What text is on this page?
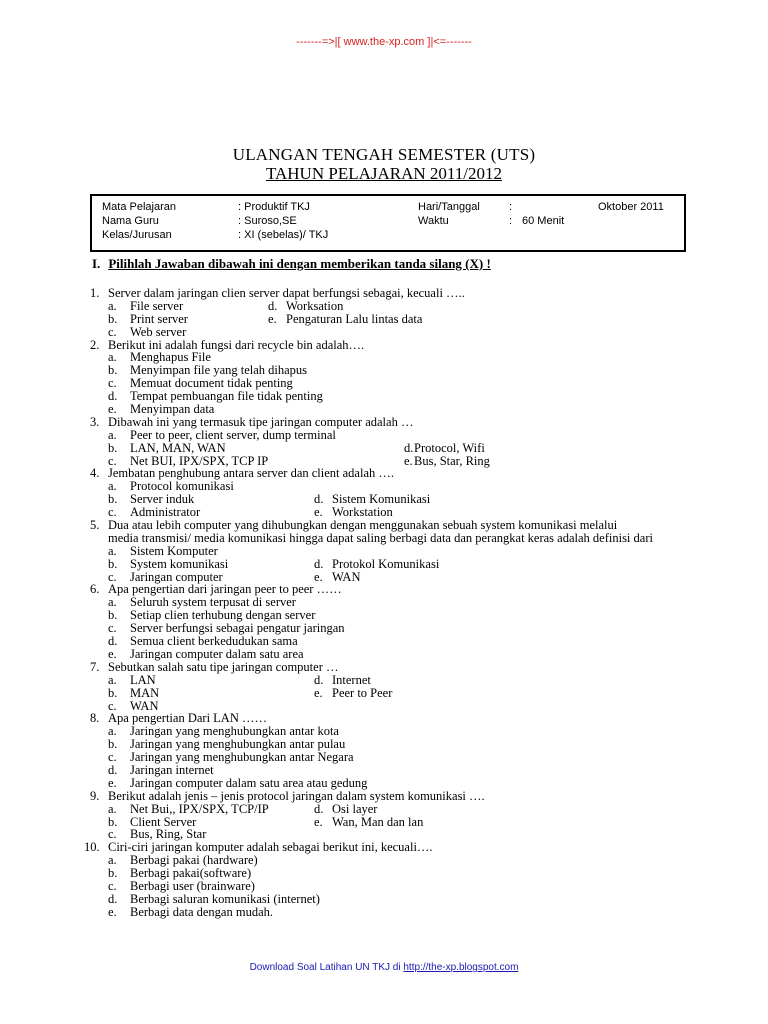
-------=>|[ www.the-xp.com ]|<=-------
ULANGAN TENGAH SEMESTER (UTS)
TAHUN PELAJARAN 2011/2012
Mata Pelajaran	: Produktif TKJ	Hari/Tanggal	:	Oktober 2011
Nama Guru	: Suroso,SE	Waktu	: 60 Menit
Kelas/Jurusan	: XI (sebelas)/ TKJ
I. Pilihlah Jawaban dibawah ini dengan memberikan tanda silang (X) !
1. Server dalam jaringan clien server dapat berfungsi sebagai, kecuali …..
a. File server	d. Worksation
b. Print server	e. Pengaturan Lalu lintas data
c. Web server
2. Berikut ini adalah fungsi dari recycle bin adalah….
a. Menghapus File
b. Menyimpan file yang telah dihapus
c. Memuat document tidak penting
d. Tempat pembuangan file tidak penting
e. Menyimpan data
3. Dibawah ini yang termasuk tipe jaringan computer adalah …
a. Peer to peer, client server, dump terminal
b. LAN, MAN, WAN	d. Protocol, Wifi
c. Net BUI, IPX/SPX, TCP IP	e. Bus, Star, Ring
4. Jembatan penghubung antara server dan client adalah ….
a. Protocol komunikasi
b. Server induk	d. Sistem Komunikasi
c. Administrator	e. Workstation
5. Dua atau lebih computer yang dihubungkan dengan menggunakan sebuah system komunikasi melalui
media transmisi/ media komunikasi hingga dapat saling berbagi data dan perangkat keras adalah definisi dari
a. Sistem Komputer
b. System komunikasi	d. Protokol Komunikasi
c. Jaringan computer	e. WAN
6. Apa pengertian dari jaringan peer to peer ……
a. Seluruh system terpusat di server
b. Setiap clien terhubung dengan server
c. Server berfungsi sebagai pengatur jaringan
d. Semua client berkedudukan sama
e. Jaringan computer dalam satu area
7. Sebutkan salah satu tipe jaringan computer …
a. LAN	d. Internet
b. MAN	e. Peer to Peer
c. WAN
8. Apa pengertian Dari LAN ……
a. Jaringan yang menghubungkan antar kota
b. Jaringan yang menghubungkan antar pulau
c. Jaringan yang menghubungkan antar Negara
d. Jaringan internet
e. Jaringan computer dalam satu area atau gedung
9. Berikut adalah jenis – jenis protocol jaringan dalam system komunikasi ….
a. Net Bui,, IPX/SPX, TCP/IP	d. Osi layer
b. Client Server	e. Wan, Man dan lan
c. Bus, Ring, Star
10. Ciri-ciri jaringan komputer adalah sebagai berikut ini, kecuali….
a. Berbagi pakai (hardware)
b. Berbagi pakai(software)
c. Berbagi user (brainware)
d. Berbagi saluran komunikasi (internet)
e. Berbagi data dengan mudah.
Download Soal Latihan UN TKJ di http://the-xp.blogspot.com
